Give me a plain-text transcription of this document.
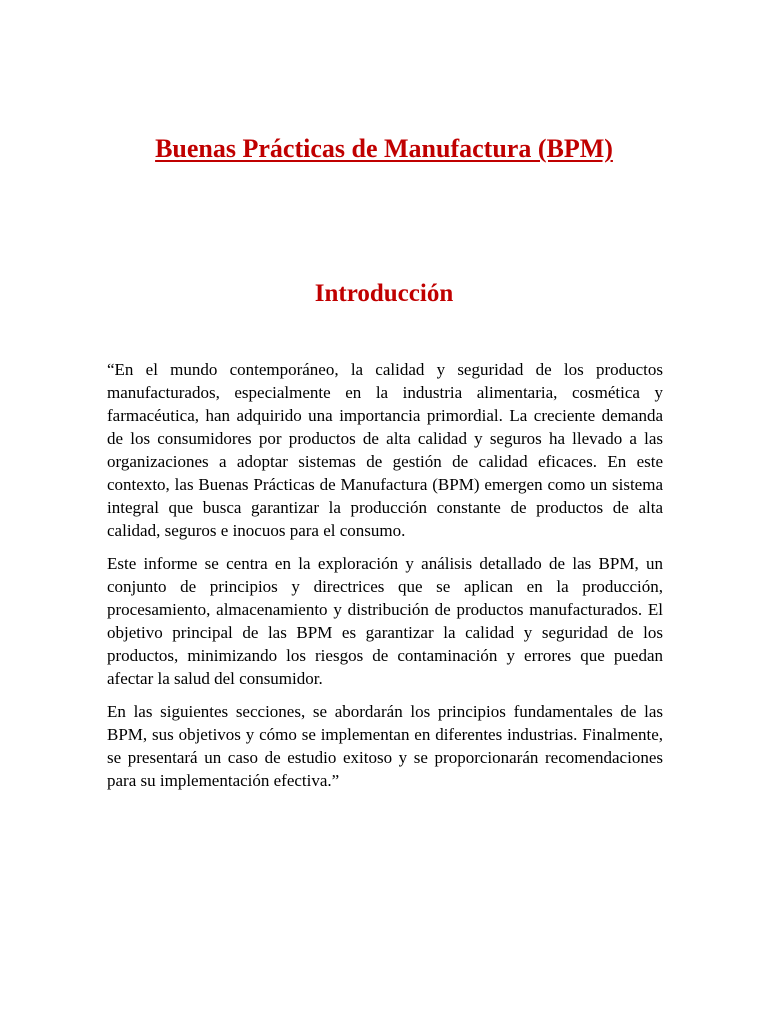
Buenas Prácticas de Manufactura (BPM)
Introducción

“En el mundo contemporáneo, la calidad y seguridad de los productos manufacturados, especialmente en la industria alimentaria, cosmética y farmacéutica, han adquirido una importancia primordial. La creciente demanda de los consumidores por productos de alta calidad y seguros ha llevado a las organizaciones a adoptar sistemas de gestión de calidad eficaces. En este contexto, las Buenas Prácticas de Manufactura (BPM) emergen como un sistema integral que busca garantizar la producción constante de productos de alta calidad, seguros e inocuos para el consumo.

Este informe se centra en la exploración y análisis detallado de las BPM, un conjunto de principios y directrices que se aplican en la producción, procesamiento, almacenamiento y distribución de productos manufacturados. El objetivo principal de las BPM es garantizar la calidad y seguridad de los productos, minimizando los riesgos de contaminación y errores que puedan afectar la salud del consumidor.

En las siguientes secciones, se abordarán los principios fundamentales de las BPM, sus objetivos y cómo se implementan en diferentes industrias. Finalmente, se presentará un caso de estudio exitoso y se proporcionarán recomendaciones para su implementación efectiva.”
